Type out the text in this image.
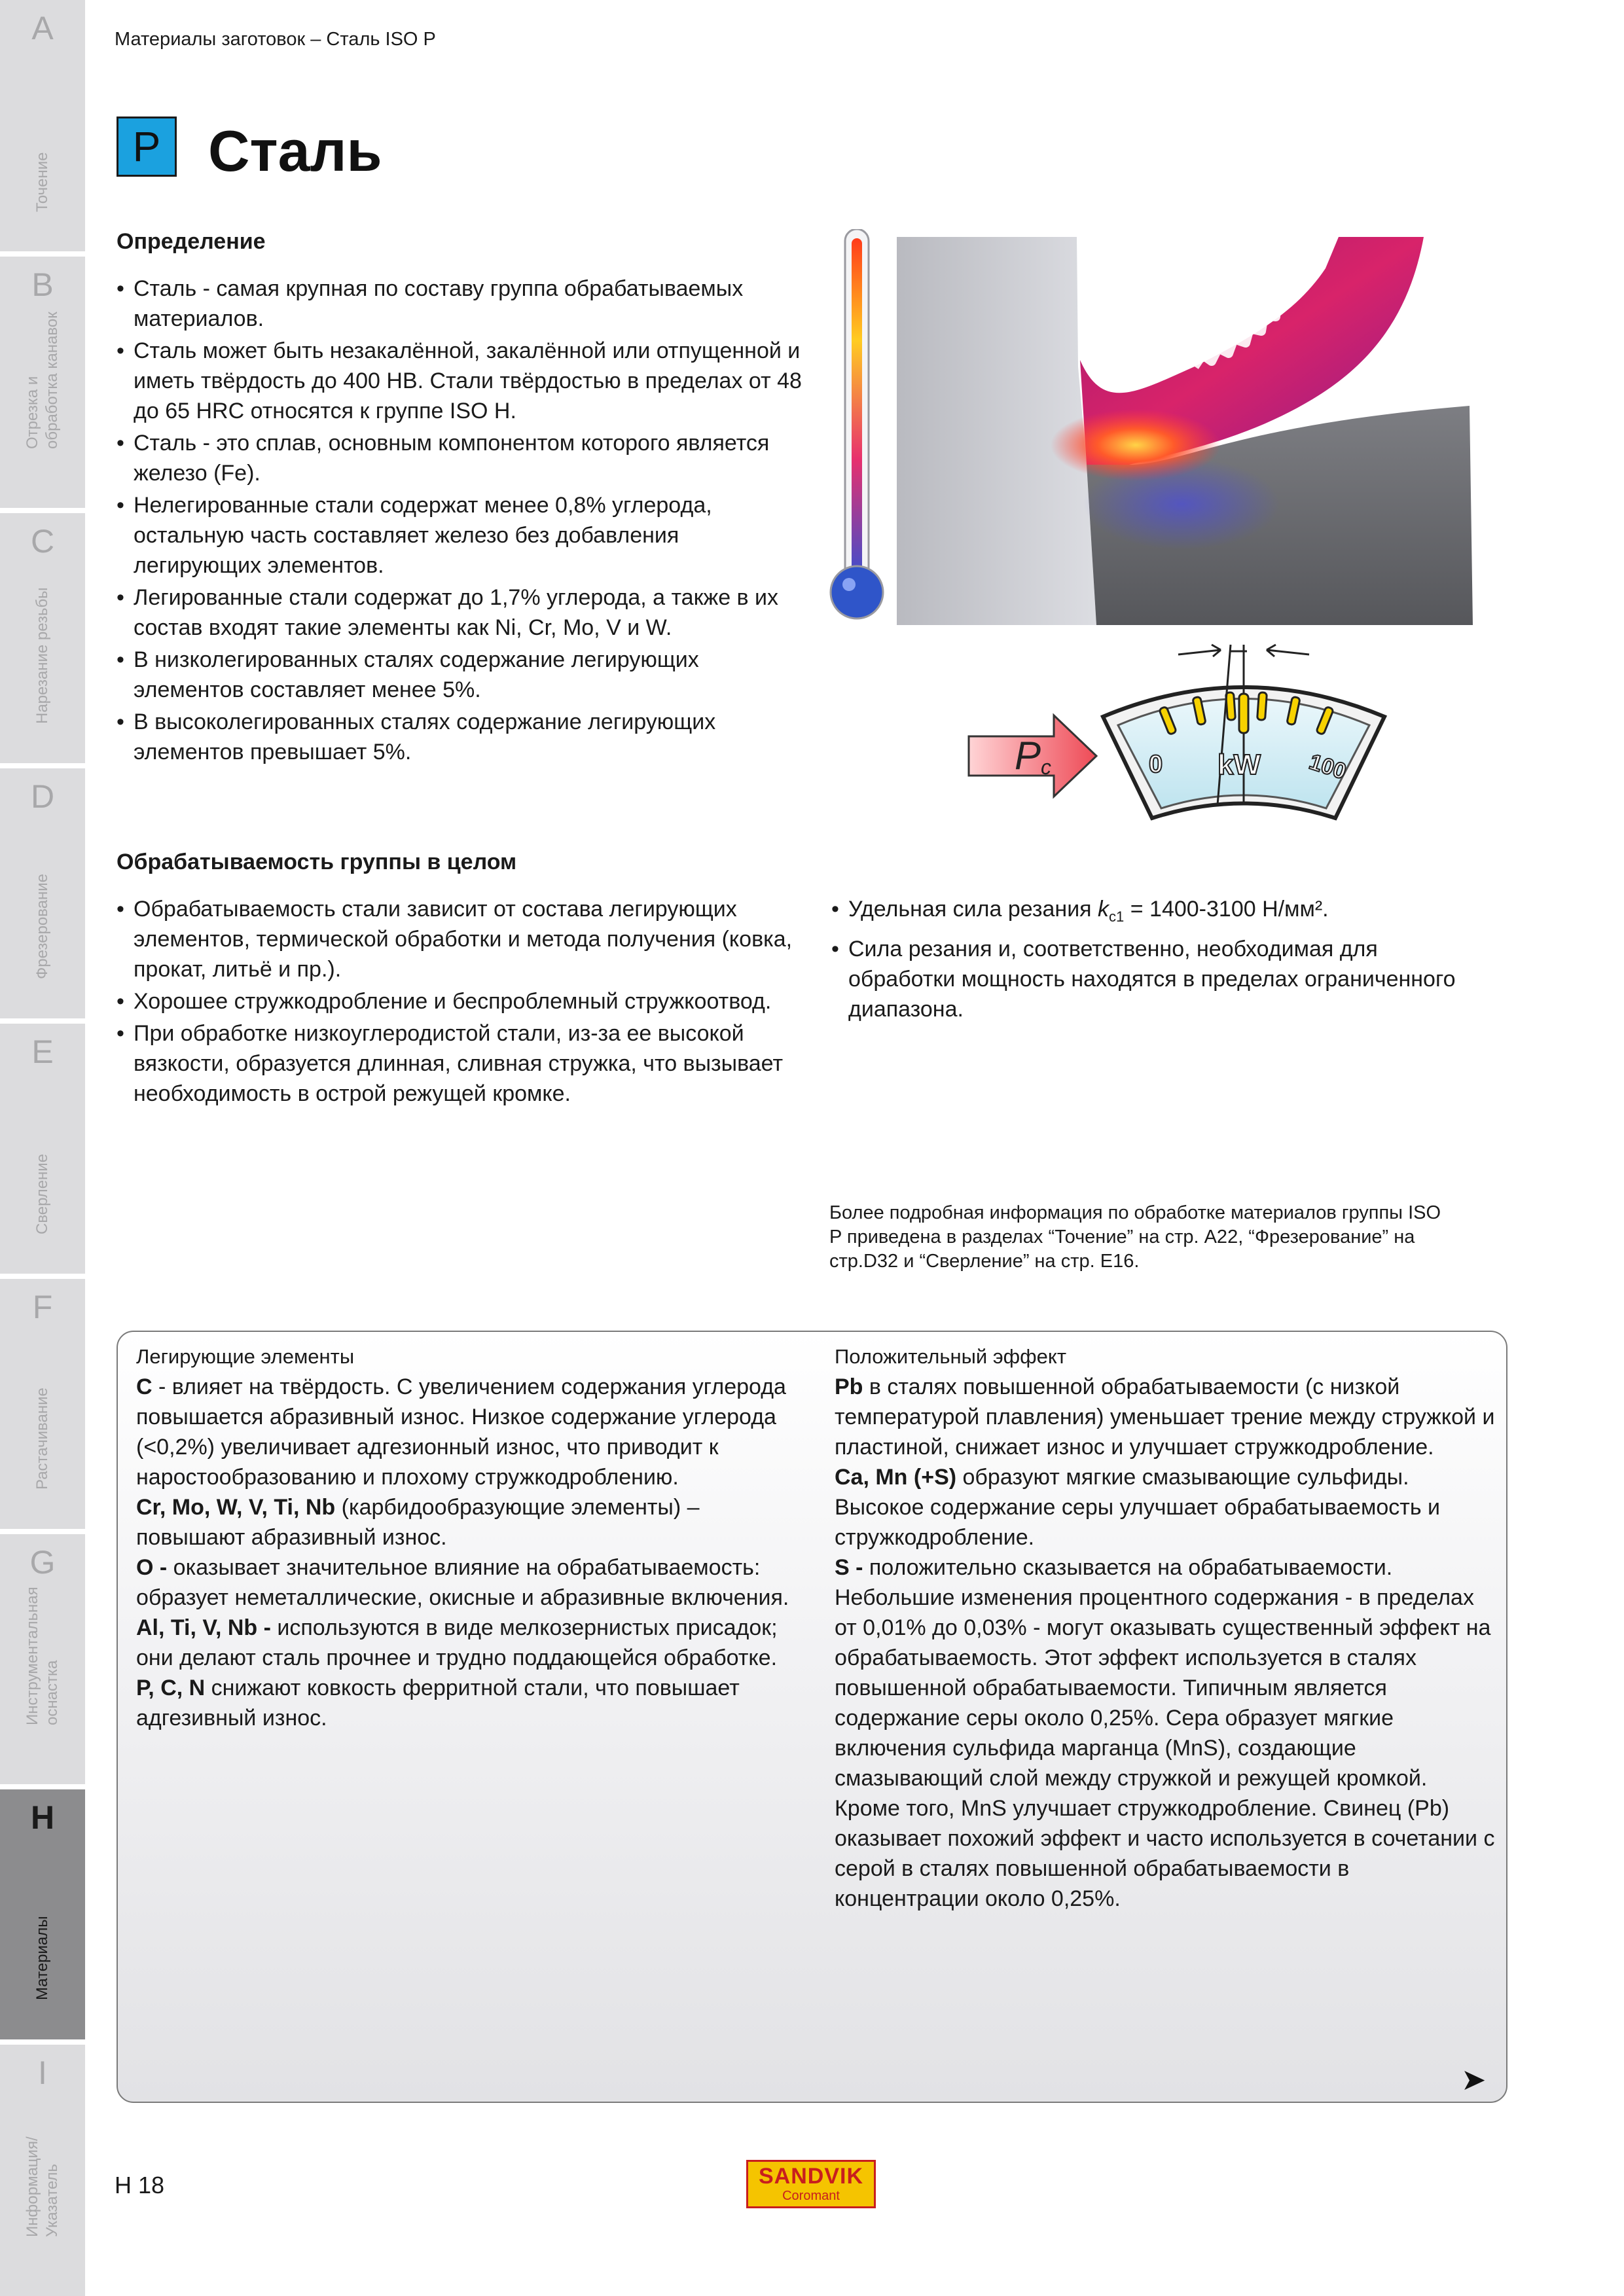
A
Точение
B
Отрезка и обработка канавок
C
Нарезание резьбы
D
Фрезерование
E
Сверление
F
Растачивание
G
Инструментальная оснастка
H
Материалы
I
Информация/ Указатель
Материалы заготовок – Сталь ISO P
P Сталь
Определение
• Сталь - самая крупная по составу группа обрабатываемых материалов.
• Сталь может быть незакалённой, закалённой или отпущенной и иметь твёрдость до 400 HB. Стали твёрдостью в пределах от 48 до 65 HRC относятся к группе ISO H.
• Сталь - это сплав, основным компонентом которого является железо (Fe).
• Нелегированные стали содержат менее 0,8% углерода, остальную часть составляет железо без добавления легирующих элементов.
• Легированные стали содержат до 1,7% углерода, а также в их состав входят такие элементы как Ni, Cr, Mo, V и W.
• В низколегированных сталях содержание легирующих элементов составляет менее 5%.
• В высоколегированных сталях содержание легирующих элементов превышает 5%.
Обрабатываемость группы в целом
• Обрабатываемость стали зависит от состава легирующих элементов, термической обработки и метода получения (ковка, прокат, литьё и пр.).
• Хорошее стружкодробление и беспроблемный стружкоотвод.
• При обработке низкоуглеродистой стали, из-за ее высокой вязкости, образуется длинная, сливная стружка, что вызывает необходимость в острой режущей кромке.
• Удельная сила резания $k_{c1} = 1400-3100$ Н/мм².
• Сила резания и, соответственно, необходимая для обработки мощность находятся в пределах ограниченного диапазона.
Pc	0 kW 100
Более подробная информация по обработке материалов группы ISO P приведена в разделах “Точение” на стр. A22, “Фрезерование” на стр.D32 и “Сверление” на стр. E16.

Легирующие элементы

C - влияет на твёрдость. С увеличением содержания углерода повышается абразивный износ. Низкое содержание углерода (<0,2%) увеличивает адгезионный износ, что приводит к наростообразованию и плохому стружкодроблению.

Cr, Mo, W, V, Ti, Nb (карбидообразующие элементы) – повышают абразивный износ.

O - оказывает значительное влияние на обрабатываемость: образует неметаллические, окисные и абразивные включения.

Al, Ti, V, Nb - используются в виде мелкозернистых присадок; они делают сталь прочнее и трудно поддающейся обработке.

P, C, N снижают ковкость ферритной стали, что повышает адгезивный износ.

Положительный эффект

Pb в сталях повышенной обрабатываемости (с низкой температурой плавления) уменьшает трение между стружкой и пластиной, снижает износ и улучшает стружкодробление.

Ca, Mn (+S) образуют мягкие смазывающие сульфиды. Высокое содержание серы улучшает обрабатываемость и стружкодробление.

S - положительно сказывается на обрабатываемости. Небольшие изменения процентного содержания - в пределах от 0,01% до 0,03% - могут оказывать существенный эффект на обрабатываемость. Этот эффект используется в сталях повышенной обрабатываемости. Типичным является содержание серы около 0,25%. Сера образует мягкие включения сульфида марганца (MnS), создающие смазывающий слой между стружкой и режущей кромкой. Кроме того, MnS улучшает стружкодробление. Свинец (Pb) оказывает похожий эффект и часто используется в сочетании с серой в сталях повышенной обрабатываемости в концентрации около 0,25%.

➤
H 18	SANDVIK
Coromant
